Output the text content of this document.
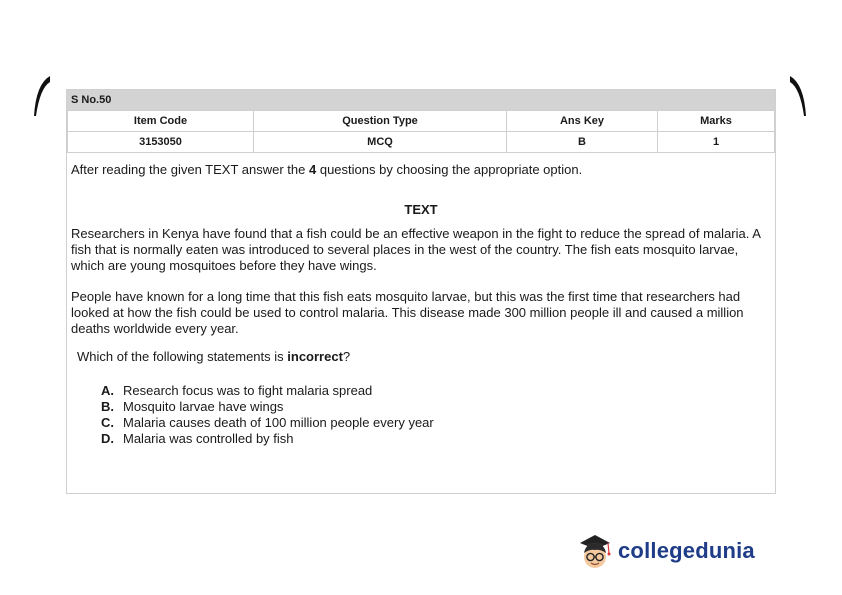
S No.50
Item Code	Question Type	Ans Key	Marks
3153050	MCQ	B	1
After reading the given TEXT answer the 4 questions by choosing the appropriate option.
TEXT
Researchers in Kenya have found that a fish could be an effective weapon in the fight to reduce the spread of malaria. A fish that is normally eaten was introduced to several places in the west of the country. The fish eats mosquito larvae, which are young mosquitoes before they have wings.
People have known for a long time that this fish eats mosquito larvae, but this was the first time that researchers had looked at how the fish could be used to control malaria. This disease made 300 million people ill and caused a million deaths worldwide every year.
Which of the following statements is incorrect?
A. Research focus was to fight malaria spread
B. Mosquito larvae have wings
C. Malaria causes death of 100 million people every year
D. Malaria was controlled by fish
collegedunia
